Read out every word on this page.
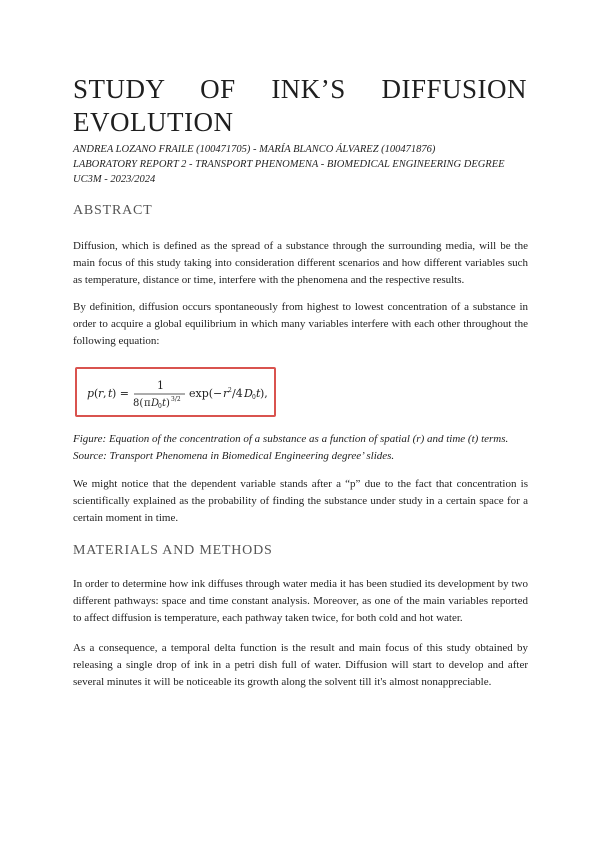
STUDY OF INK’S DIFFUSION EVOLUTION
ANDREA LOZANO FRAILE (100471705) - MARÍA BLANCO ÁLVAREZ (100471876)
LABORATORY REPORT 2 - TRANSPORT PHENOMENA - BIOMEDICAL ENGINEERING DEGREE
UC3M - 2023/2024
ABSTRACT

Diffusion, which is defined as the spread of a substance through the surrounding media, will be the main focus of this study taking into consideration different scenarios and how different variables such as temperature, distance or time, interfere with the phenomena and the respective results.

By definition, diffusion occurs spontaneously from highest to lowest concentration of a substance in order to acquire a global equilibrium in which many variables interfere with each other throughout the following equation:

p ( r , t ) =
1
8( π D
0 t ) 3/2 exp(− r 2 /4 D 0 t ),
Figure: Equation of the concentration of a substance as a function of spatial (r) and time (t) terms. Source: Transport Phenomena in Biomedical Engineering degree’ slides.

We might notice that the dependent variable stands after a “p” due to the fact that concentration is scientifically explained as the probability of finding the substance under study in a certain space for a certain moment in time.

MATERIALS AND METHODS

In order to determine how ink diffuses through water media it has been studied its development by two different pathways: space and time constant analysis. Moreover, as one of the main variables reported to affect diffusion is temperature, each pathway taken twice, for both cold and hot water.

As a consequence, a temporal delta function is the result and main focus of this study obtained by releasing a single drop of ink in a petri dish full of water. Diffusion will start to develop and after several minutes it will be noticeable its growth along the solvent till it's almost nonappreciable.
